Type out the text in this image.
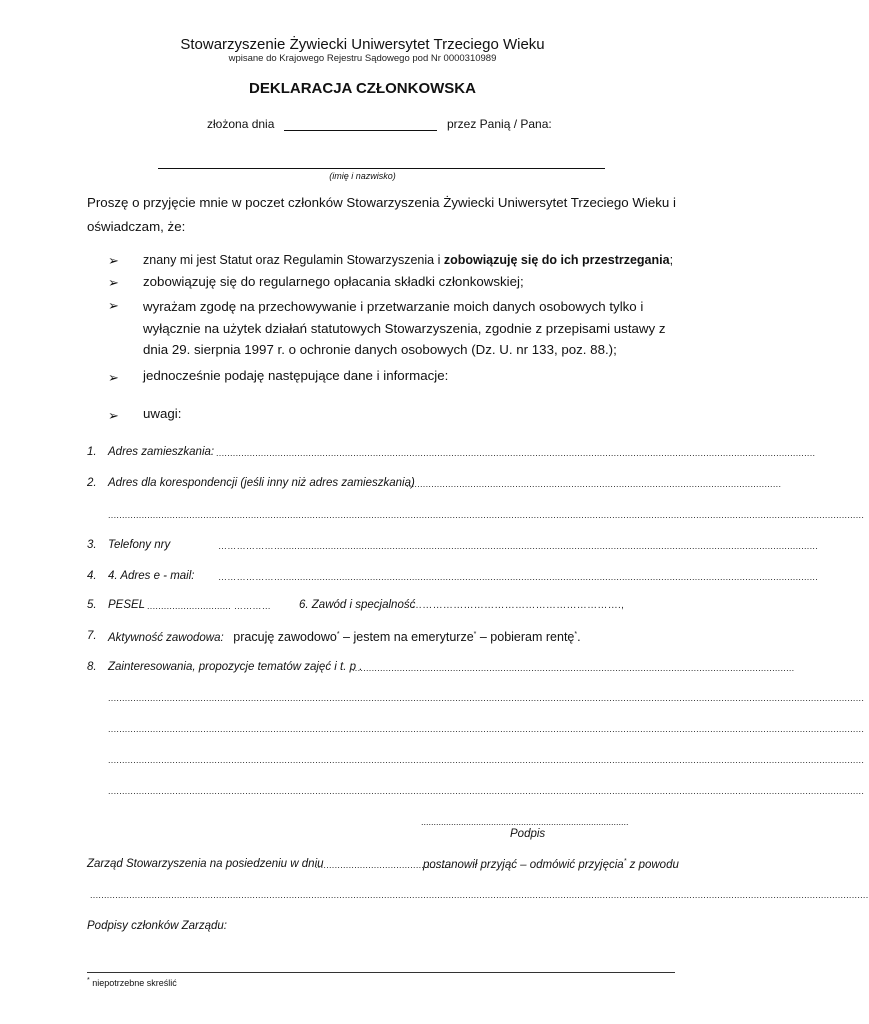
Stowarzyszenie Żywiecki Uniwersytet Trzeciego Wieku
wpisane do Krajowego Rejestru Sądowego pod Nr 0000310989
DEKLARACJA CZŁONKOWSKA
złożona dnia	przez Panią / Pana:
(imię i nazwisko)
Proszę o przyjęcie mnie w poczet członków Stowarzyszenia Żywiecki Uniwersytet Trzeciego Wieku i oświadczam, że:
➢ znany mi jest Statut oraz Regulamin Stowarzyszenia i zobowiązuję się do ich przestrzegania;
➢ zobowiązuję się do regularnego opłacania składki członkowskiej;
➢ wyrażam zgodę na przechowywanie i przetwarzanie moich danych osobowych tylko i wyłącznie na użytek działań statutowych Stowarzyszenia, zgodnie z przepisami ustawy z dnia 29. sierpnia 1997 r. o ochronie danych osobowych (Dz. U. nr 133, poz. 88.);
➢ jednocześnie podaję następujące dane i informacje:
➢ uwagi:
1. Adres zamieszkania: ......................................................................................................................................................................................................................
2. Adres dla korespondencji (jeśli inny niż adres zamieszkania)
......................................................................................................................................
..............................................................................................................................................................................................................................................................................
3. Telefony nry	…………………...............................................................................................................................................................................................
4. 4. Adres e - mail:	…………………...............................................................................................................................................................................................
5. PESEL .............................. …………	6. Zawód i specjalność
…………………………………………………….,
7. Aktywność zawodowa: pracuję zawodowo* – jestem na emeryturze* – pobieram rentę*.
8. Zainteresowania, propozycje tematów zajęć i t. p .
..............................................................................................................................................................
..............................................................................................................................................................................................................................................................................
..............................................................................................................................................................................................................................................................................
..............................................................................................................................................................................................................................................................................
..............................................................................................................................................................................................................................................................................
...................................................................................
Podpis
Zarząd Stowarzyszenia na posiedzeniu w dniu
................................................
postanowił przyjąć – odmówić przyjęcia* z powodu
......................................................................................................................................................................................................................................................................................
Podpisy członków Zarządu:
* niepotrzebne skreślić
